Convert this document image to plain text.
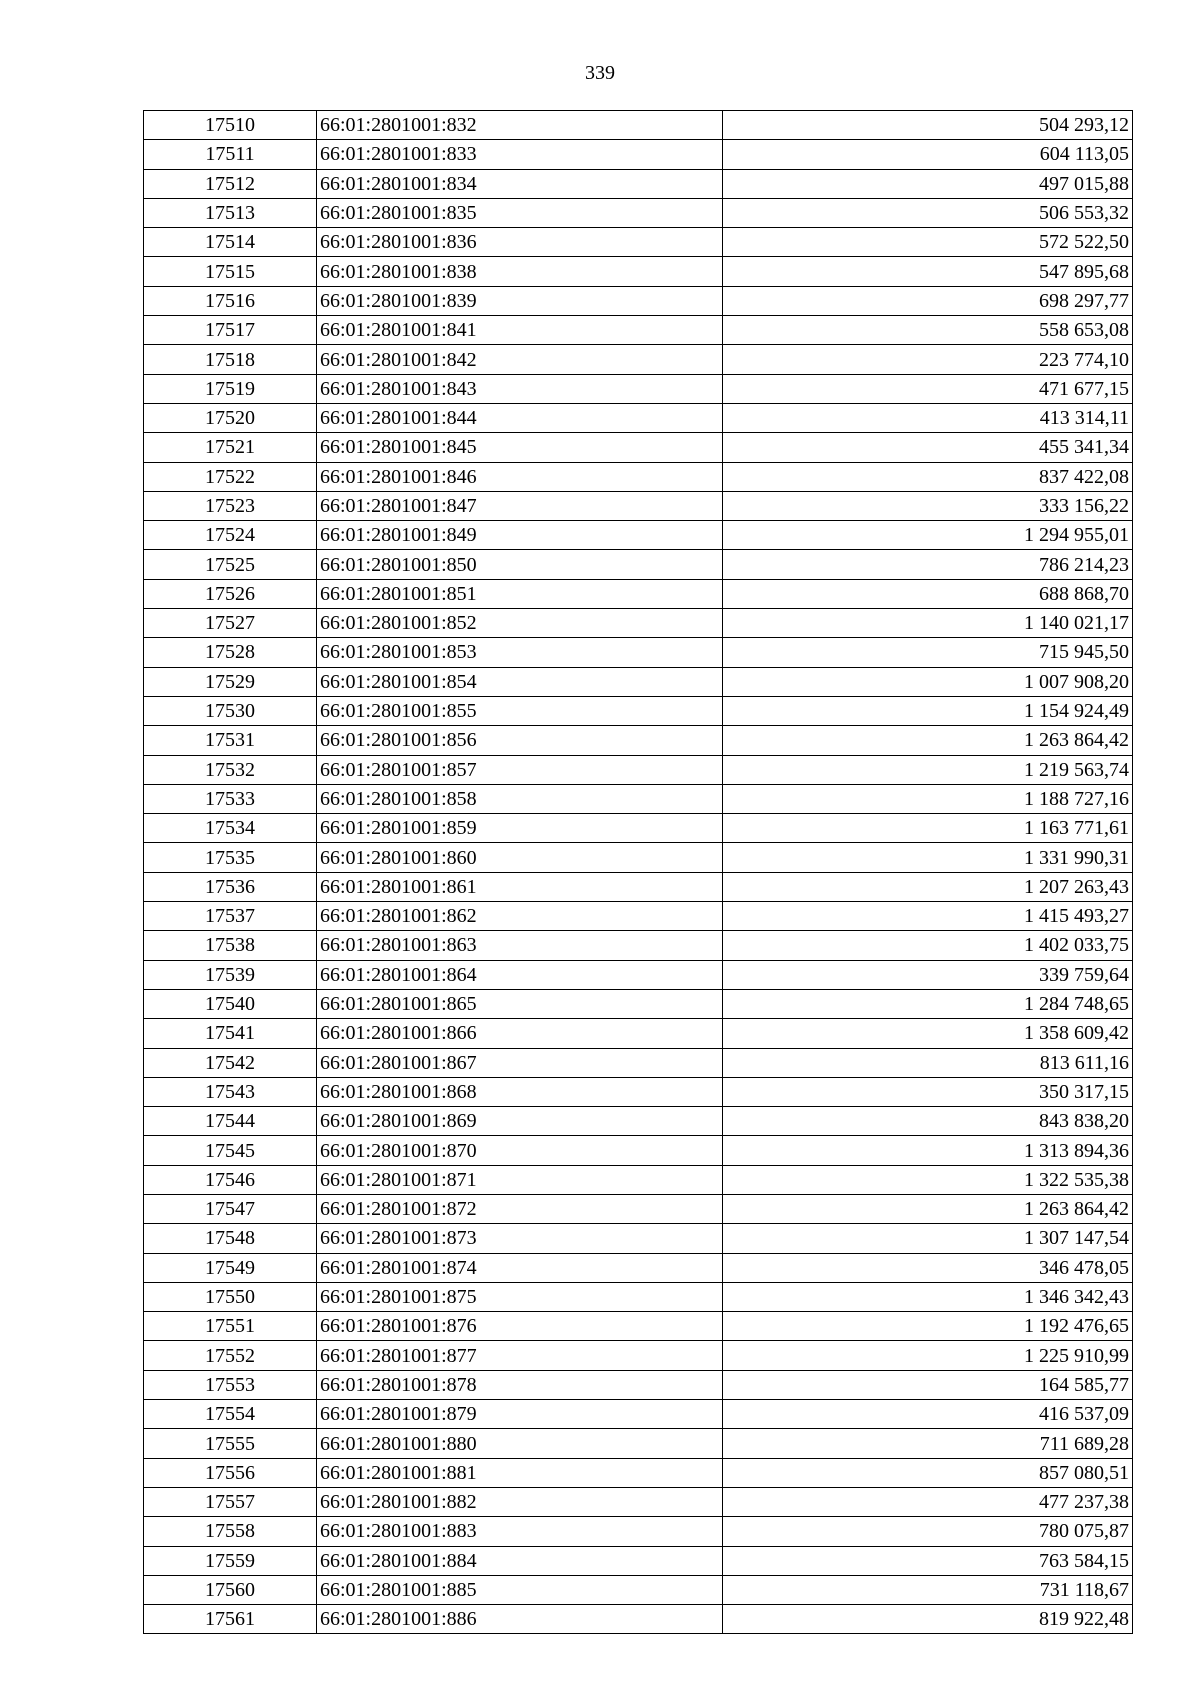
339
17510	66:01:2801001:832	504 293,12
17511	66:01:2801001:833	604 113,05
17512	66:01:2801001:834	497 015,88
17513	66:01:2801001:835	506 553,32
17514	66:01:2801001:836	572 522,50
17515	66:01:2801001:838	547 895,68
17516	66:01:2801001:839	698 297,77
17517	66:01:2801001:841	558 653,08
17518	66:01:2801001:842	223 774,10
17519	66:01:2801001:843	471 677,15
17520	66:01:2801001:844	413 314,11
17521	66:01:2801001:845	455 341,34
17522	66:01:2801001:846	837 422,08
17523	66:01:2801001:847	333 156,22
17524	66:01:2801001:849	1 294 955,01
17525	66:01:2801001:850	786 214,23
17526	66:01:2801001:851	688 868,70
17527	66:01:2801001:852	1 140 021,17
17528	66:01:2801001:853	715 945,50
17529	66:01:2801001:854	1 007 908,20
17530	66:01:2801001:855	1 154 924,49
17531	66:01:2801001:856	1 263 864,42
17532	66:01:2801001:857	1 219 563,74
17533	66:01:2801001:858	1 188 727,16
17534	66:01:2801001:859	1 163 771,61
17535	66:01:2801001:860	1 331 990,31
17536	66:01:2801001:861	1 207 263,43
17537	66:01:2801001:862	1 415 493,27
17538	66:01:2801001:863	1 402 033,75
17539	66:01:2801001:864	339 759,64
17540	66:01:2801001:865	1 284 748,65
17541	66:01:2801001:866	1 358 609,42
17542	66:01:2801001:867	813 611,16
17543	66:01:2801001:868	350 317,15
17544	66:01:2801001:869	843 838,20
17545	66:01:2801001:870	1 313 894,36
17546	66:01:2801001:871	1 322 535,38
17547	66:01:2801001:872	1 263 864,42
17548	66:01:2801001:873	1 307 147,54
17549	66:01:2801001:874	346 478,05
17550	66:01:2801001:875	1 346 342,43
17551	66:01:2801001:876	1 192 476,65
17552	66:01:2801001:877	1 225 910,99
17553	66:01:2801001:878	164 585,77
17554	66:01:2801001:879	416 537,09
17555	66:01:2801001:880	711 689,28
17556	66:01:2801001:881	857 080,51
17557	66:01:2801001:882	477 237,38
17558	66:01:2801001:883	780 075,87
17559	66:01:2801001:884	763 584,15
17560	66:01:2801001:885	731 118,67
17561	66:01:2801001:886	819 922,48
